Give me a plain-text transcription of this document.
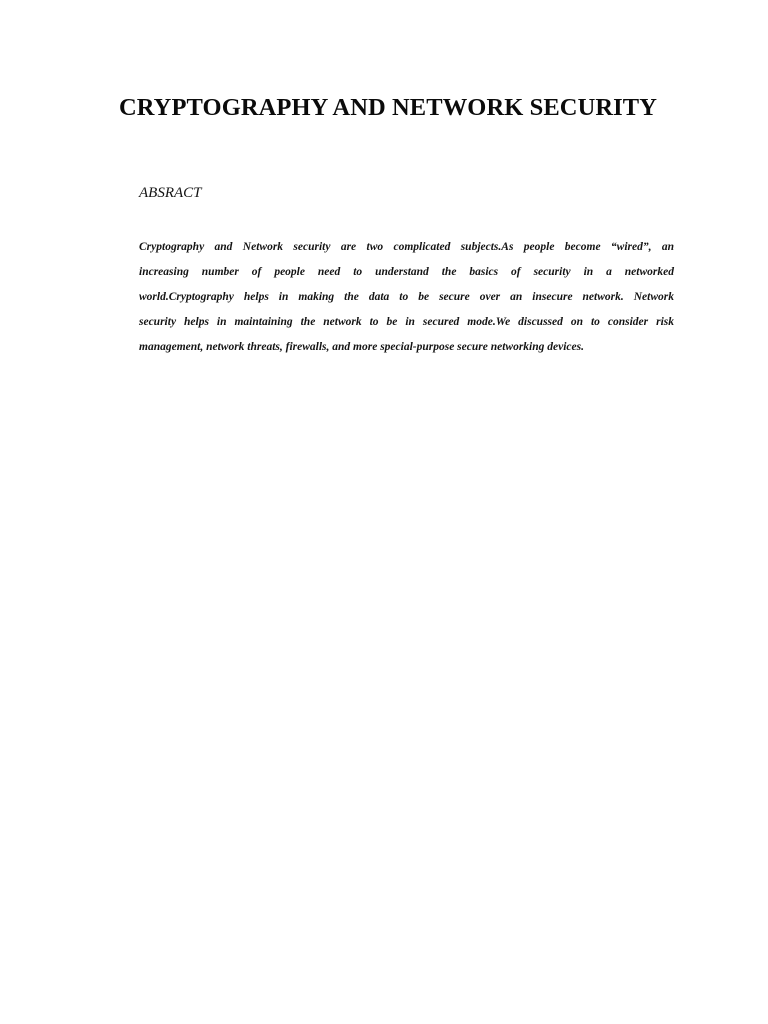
CRYPTOGRAPHY AND NETWORK SECURITY

ABSRACT

Cryptography and Network security are two complicated subjects.As people become “wired”, an
increasing number of people need to understand the basics of security in a networked
world.Cryptography helps in making the data to be secure over an insecure network. Network
security helps in maintaining the network to be in secured mode.We discussed on to consider risk
management, network threats, firewalls, and more special-purpose secure networking devices.
